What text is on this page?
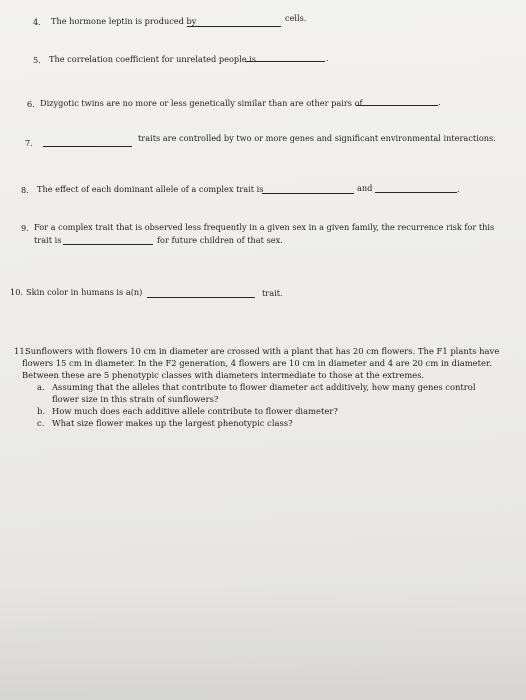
4. The hormone leptin is produced by	cells.
5. The correlation coefficient for unrelated people is	.
6. Dizygotic twins are no more or less genetically similar than are other pairs of	.
7.	traits are controlled by two or more genes and significant environmental interactions.
8. The effect of each dominant allele of a complex trait is	and	.
9. For a complex trait that is observed less frequently in a given sex in a given family, the recurrence risk for this
trait is	for future children of that sex.
10. Skin color in humans is a(n)	trait.
11.
Sunflowers with flowers 10 cm in diameter are crossed with a plant that has 20 cm flowers. The F1 plants have
flowers 15 cm in diameter. In the F2 generation, 4 flowers are 10 cm in diameter and 4 are 20 cm in diameter.
Between these are 5 phenotypic classes with diameters intermediate to those at the extremes.
a. Assuming that the alleles that contribute to flower diameter act additively, how many genes control
flower size in this strain of sunflowers?
b. How much does each additive allele contribute to flower diameter?
c. What size flower makes up the largest phenotypic class?
